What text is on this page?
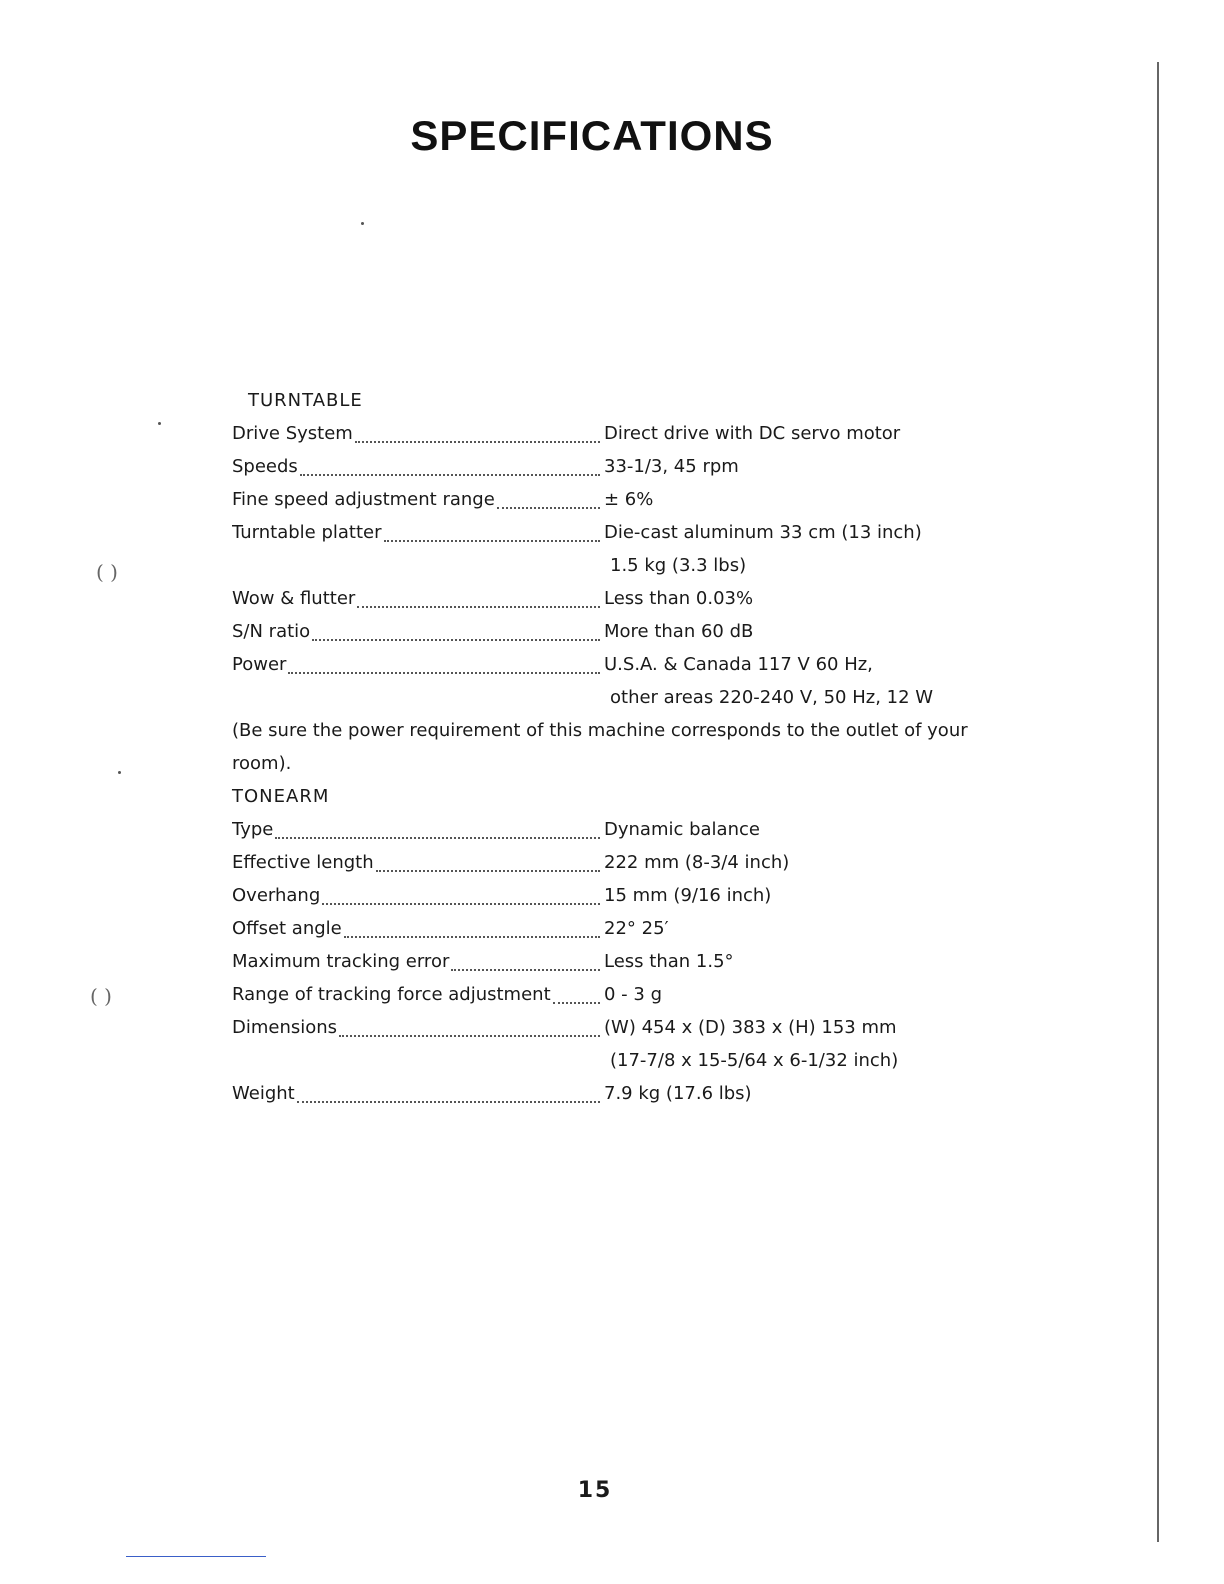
( )
( )
SPECIFICATIONS
TURNTABLE
Drive System	Direct drive with DC servo motor
Speeds	33-1/3, 45 rpm
Fine speed adjustment range	± 6%
Turntable platter	Die-cast aluminum 33 cm (13 inch)
1.5 kg (3.3 lbs)
Wow & flutter	Less than 0.03%
S/N ratio	More than 60 dB
Power	U.S.A. & Canada 117 V 60 Hz,
other areas 220-240 V, 50 Hz, 12 W
(Be sure the power requirement of this machine corresponds to the outlet of your room).
TONEARM
Type	Dynamic balance
Effective length	222 mm (8-3/4 inch)
Overhang	15 mm (9/16 inch)
Offset angle	22° 25′
Maximum tracking error	Less than 1.5°
Range of tracking force adjustment	0 - 3 g
Dimensions	(W) 454 x (D) 383 x (H) 153 mm
(17-7/8 x 15-5/64 x 6-1/32 inch)
Weight	7.9 kg (17.6 lbs)
15
